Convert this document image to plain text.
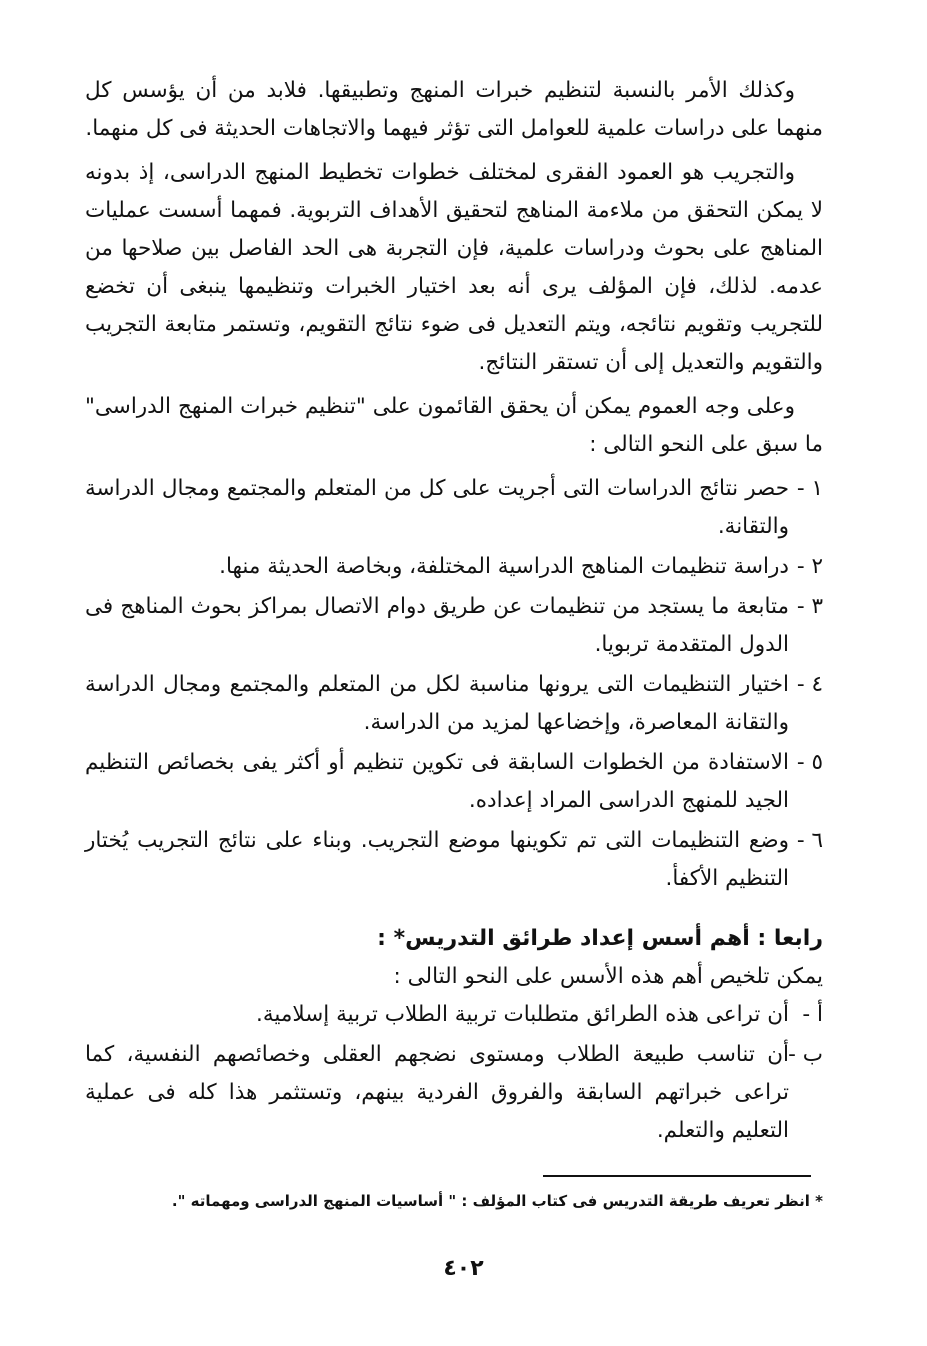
وكذلك الأمر بالنسبة لتنظيم خبرات المنهج وتطبيقها. فلابد من أن يؤسس كل منهما على دراسات علمية للعوامل التى تؤثر فيهما والاتجاهات الحديثة فى كل منهما.

والتجريب هو العمود الفقرى لمختلف خطوات تخطيط المنهج الدراسى، إذ بدونه لا يمكن التحقق من ملاءمة المناهج لتحقيق الأهداف التربوية. فمهما أسست عمليات المناهج على بحوث ودراسات علمية، فإن التجربة هى الحد الفاصل بين صلاحها من عدمه. لذلك، فإن المؤلف يرى أنه بعد اختيار الخبرات وتنظيمها ينبغى أن تخضع للتجريب وتقويم نتائجه، ويتم التعديل فى ضوء نتائج التقويم، وتستمر متابعة التجريب والتقويم والتعديل إلى أن تستقر النتائج.

وعلى وجه العموم يمكن أن يحقق القائمون على "تنظيم خبرات المنهج الدراسى" ما سبق على النحو التالى :

١ -
حصر نتائج الدراسات التى أجريت على كل من المتعلم والمجتمع ومجال الدراسة والتقانة.
٢ -
دراسة تنظيمات المناهج الدراسية المختلفة، وبخاصة الحديثة منها.
٣ -
متابعة ما يستجد من تنظيمات عن طريق دوام الاتصال بمراكز بحوث المناهج فى الدول المتقدمة تربويا.
٤ -
اختيار التنظيمات التى يرونها مناسبة لكل من المتعلم والمجتمع ومجال الدراسة والتقانة المعاصرة، وإخضاعها لمزيد من الدراسة.
٥ -
الاستفادة من الخطوات السابقة فى تكوين تنظيم أو أكثر يفى بخصائص التنظيم الجيد للمنهج الدراسى المراد إعداده.
٦ -
وضع التنظيمات التى تم تكوينها موضع التجريب. وبناء على نتائج التجريب يُختار التنظيم الأكفأ.
رابعا : أهم أسس إعداد طرائق التدريس* :

يمكن تلخيص أهم هذه الأسس على النحو التالى :

أ -
أن تراعى هذه الطرائق متطلبات تربية الطلاب تربية إسلامية.
ب -
أن تناسب طبيعة الطلاب ومستوى نضجهم العقلى وخصائصهم النفسية، كما تراعى خبراتهم السابقة والفروق الفردية بينهم، وتستثمر هذا كله فى عملية التعليم والتعلم.
* انظر تعريف طريقة التدريس فى كتاب المؤلف : " أساسيات المنهج الدراسى ومهماته ".
٤٠٢
